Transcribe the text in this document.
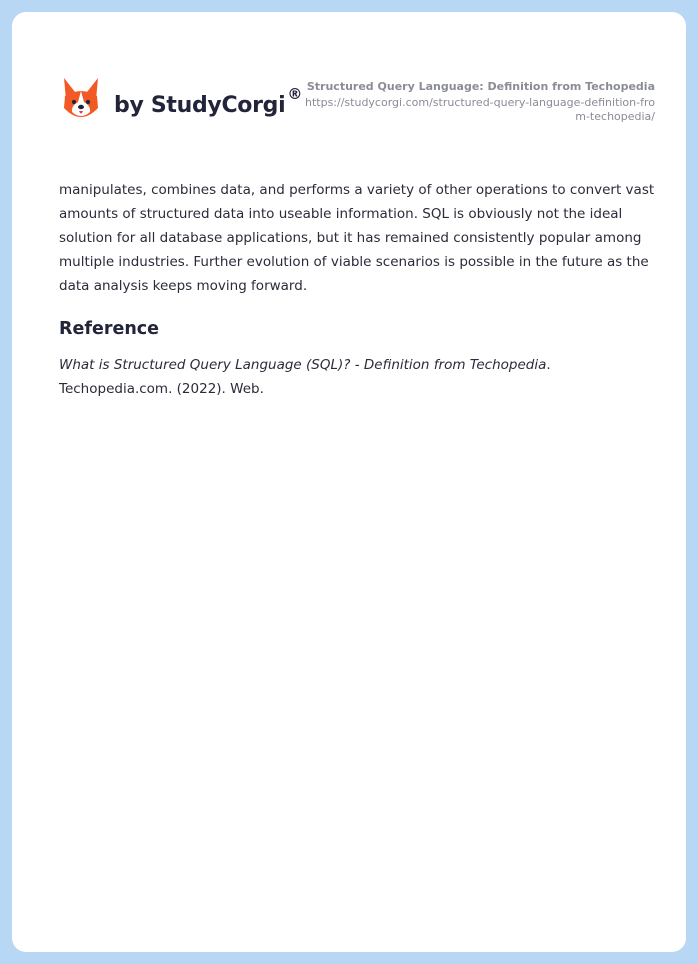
by StudyCorgi ® Structured Query Language: Definition from Techopedia
https://studycorgi.com/structured-query-language-definition-from-techopedia/

manipulates, combines data, and performs a variety of other operations to convert vast amounts of structured data into useable information. SQL is obviously not the ideal solution for all database applications, but it has remained consistently popular among multiple industries. Further evolution of viable scenarios is possible in the future as the data analysis keeps moving forward.

Reference

What is Structured Query Language (SQL)? - Definition from Techopedia. Techopedia.com. (2022). Web.
